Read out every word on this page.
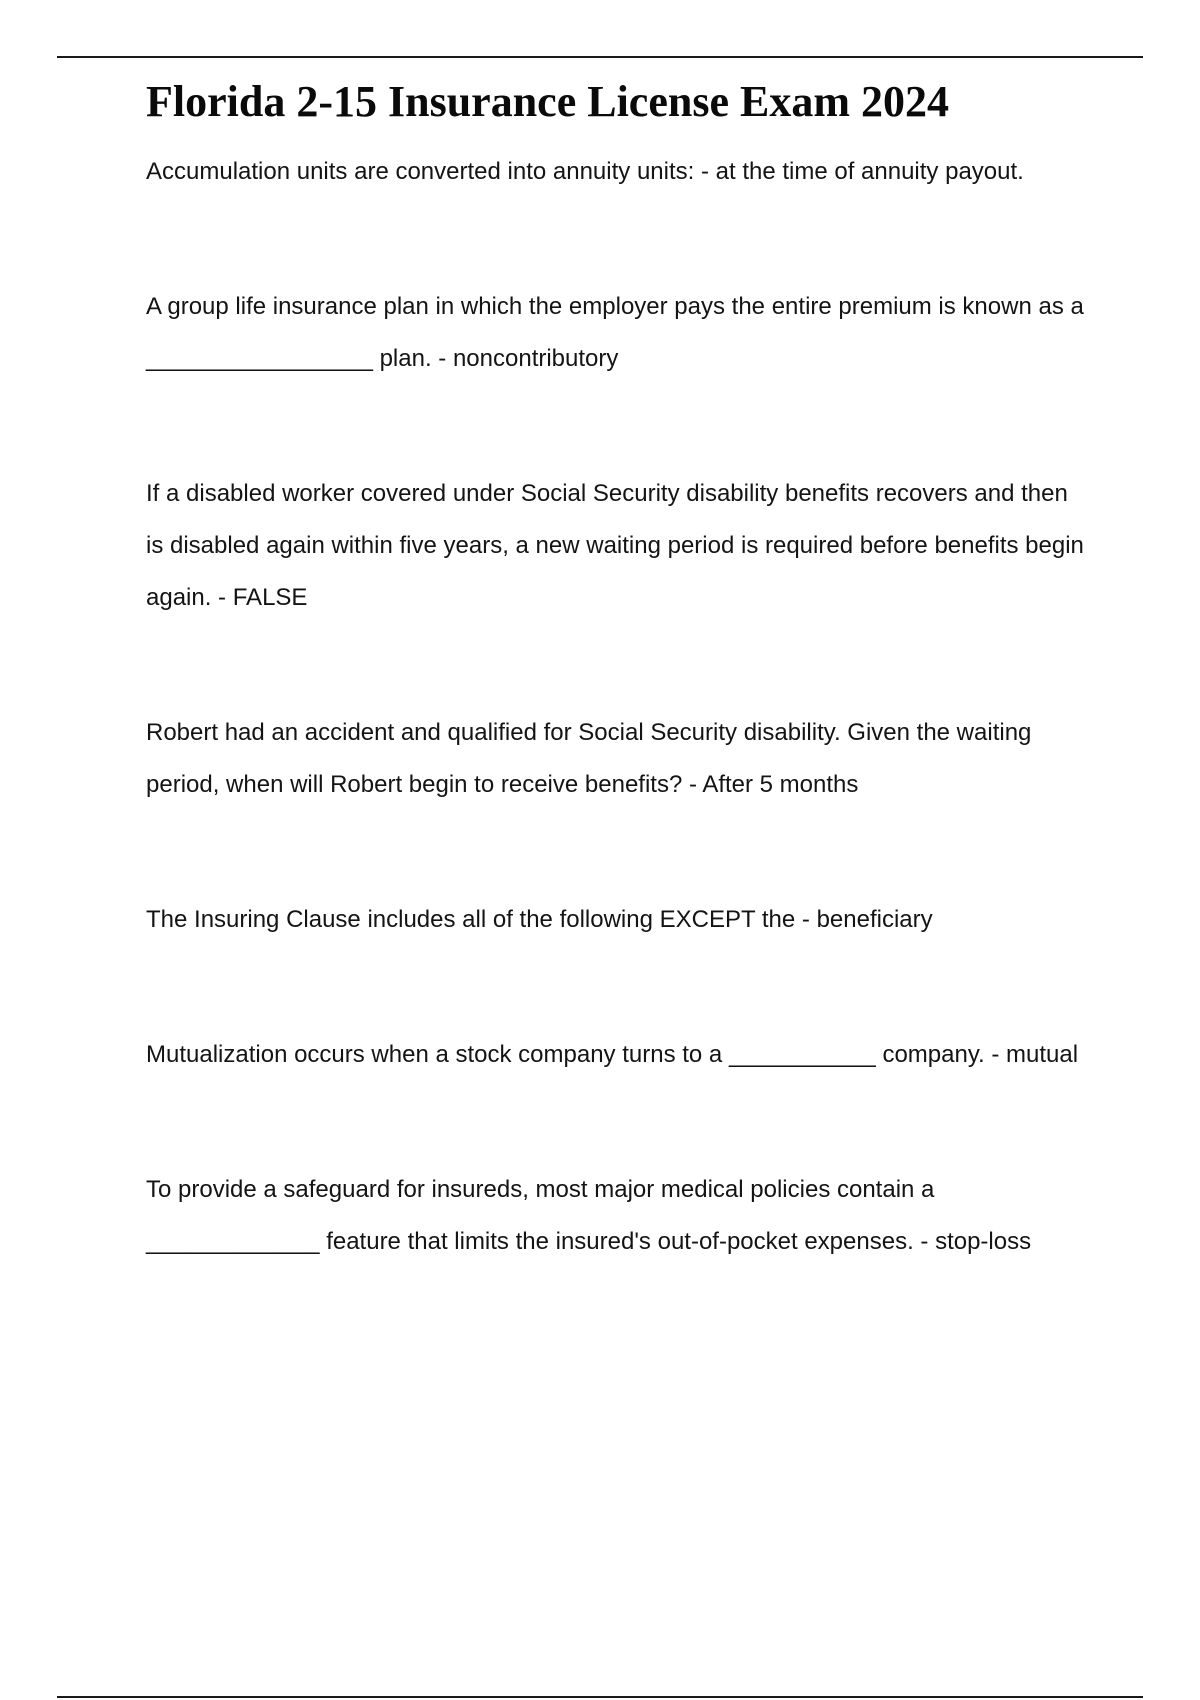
Florida 2-15 Insurance License Exam 2024

Accumulation units are converted into annuity units: - at the time of annuity payout.

A group life insurance plan in which the employer pays the entire premium is known as a _________________ plan. - noncontributory

If a disabled worker covered under Social Security disability benefits recovers and then is disabled again within five years, a new waiting period is required before benefits begin again. - FALSE

Robert had an accident and qualified for Social Security disability. Given the waiting period, when will Robert begin to receive benefits? - After 5 months

The Insuring Clause includes all of the following EXCEPT the - beneficiary

Mutualization occurs when a stock company turns to a ___________ company. - mutual

To provide a safeguard for insureds, most major medical policies contain a _____________ feature that limits the insured's out-of-pocket expenses. - stop-loss
